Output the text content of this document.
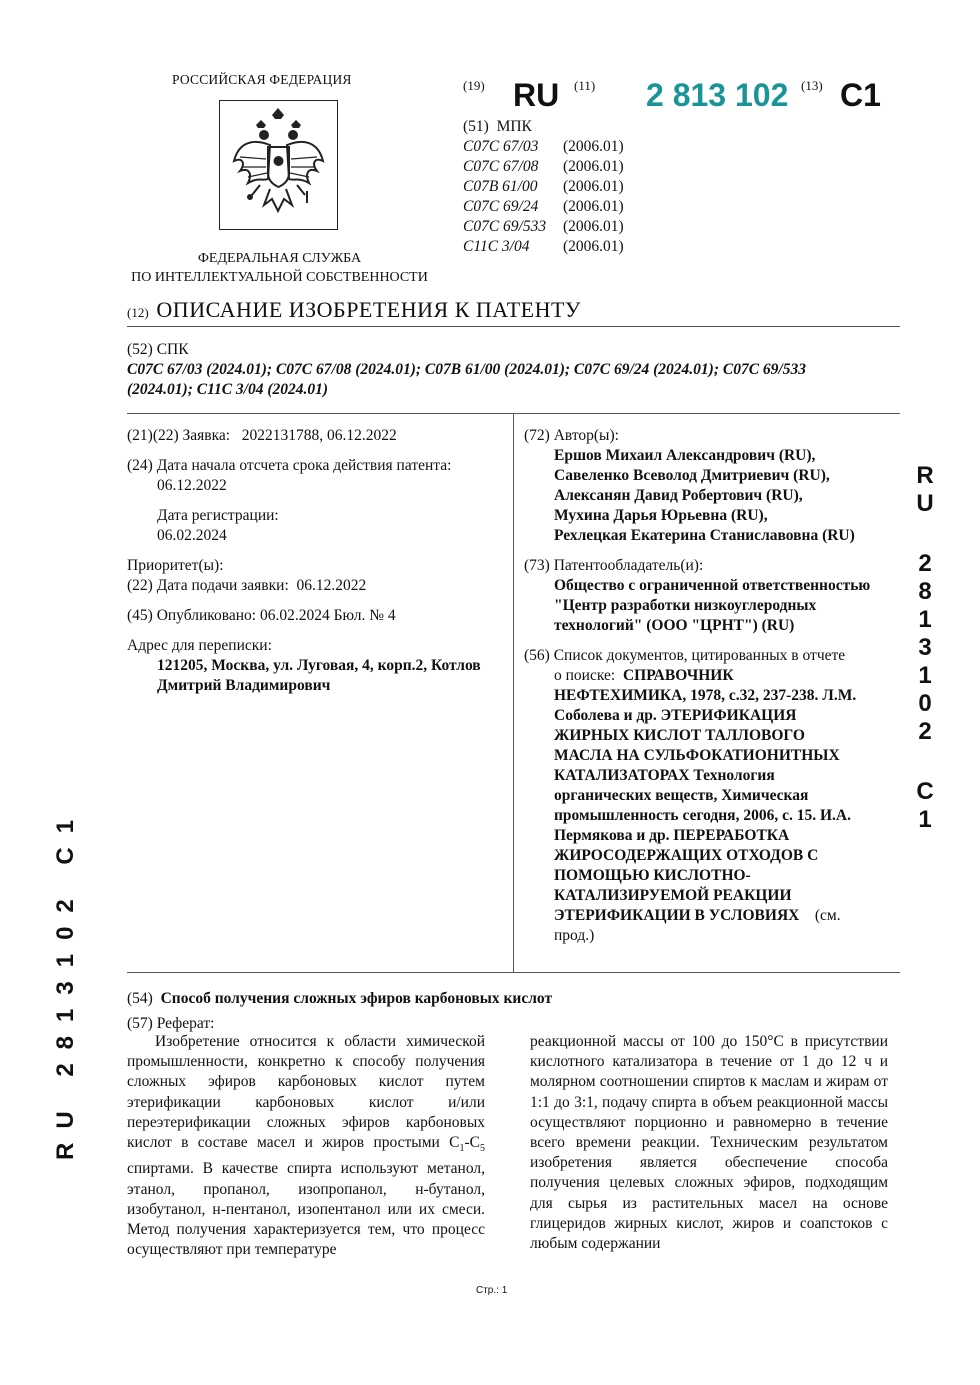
РОССИЙСКАЯ ФЕДЕРАЦИЯ
ФЕДЕРАЛЬНАЯ СЛУЖБА
ПО ИНТЕЛЛЕКТУАЛЬНОЙ СОБСТВЕННОСТИ
(19) RU (11) 2 813 102 (13) C1
(51) МПК
C07C 67/03 (2006.01)
C07C 67/08 (2006.01)
C07B 61/00 (2006.01)
C07C 69/24 (2006.01)
C07C 69/533 (2006.01)
C11C 3/04 (2006.01)
(12) ОПИСАНИЕ ИЗОБРЕТЕНИЯ К ПАТЕНТУ
(52) СПК
C07C 67/03 (2024.01); C07C 67/08 (2024.01); C07B 61/00 (2024.01); C07C 69/24 (2024.01); C07C 69/533
(2024.01); C11C 3/04 (2024.01)
(21)(22) Заявка: 2022131788, 06.12.2022
(24) Дата начала отсчета срока действия патента:
06.12.2022
Дата регистрации:
06.02.2024
Приоритет(ы):
(22) Дата подачи заявки: 06.12.2022
(45) Опубликовано: 06.02.2024 Бюл. № 4
Адрес для переписки:
121205, Москва, ул. Луговая, 4, корп.2, Котлов
Дмитрий Владимирович
(72) Автор(ы):
Ершов Михаил Александрович (RU),
Савеленко Всеволод Дмитриевич (RU),
Алексанян Давид Робертович (RU),
Мухина Дарья Юрьевна (RU),
Рехлецкая Екатерина Станиславовна (RU)
(73) Патентообладатель(и):
Общество с ограниченной ответственностью
"Центр разработки низкоуглеродных
технологий" (ООО "ЦРНТ") (RU)
(56) Список документов, цитированных в отчете
о поиске: СПРАВОЧНИК
НЕФТЕХИМИКА, 1978, с.32, 237-238. Л.М.
Соболева и др. ЭТЕРИФИКАЦИЯ
ЖИРНЫХ КИСЛОТ ТАЛЛОВОГО
МАСЛА НА СУЛЬФОКАТИОНИТНЫХ
КАТАЛИЗАТОРАХ Технология
органических веществ, Химическая
промышленность сегодня, 2006, с. 15. И.А.
Пермякова и др. ПЕРЕРАБОТКА
ЖИРОСОДЕРЖАЩИХ ОТХОДОВ С
ПОМОЩЬЮ КИСЛОТНО-
КАТАЛИЗИРУЕМОЙ РЕАКЦИИ
ЭТЕРИФИКАЦИИ В УСЛОВИЯХ (см.
прод.)
R
U
2
8
1
3
1
0
2
C
1
RU 2813102 C1	(54) Способ получения сложных эфиров карбоновых кислот
(57) Реферат:
Изобретение относится к области химической промышленности, конкретно к способу получения сложных эфиров карбоновых кислот путем этерификации карбоновых кислот и/или переэтерификации сложных эфиров карбоновых кислот в составе масел и жиров простыми $C_1-C_5$ спиртами. В качестве спирта используют метанол, этанол, пропанол, изопропанол, н-бутанол, изобутанол, н-пентанол, изопентанол или их смеси. Метод получения характеризуется тем, что процесс осуществляют при температуре
реакционной массы от 100 до 150°C в присутствии кислотного катализатора в течение от 1 до 12 ч и молярном соотношении спиртов к маслам и жирам от 1:1 до 3:1, подачу спирта в объем реакционной массы осуществляют порционно и равномерно в течение всего времени реакции. Техническим результатом изобретения является обеспечение способа получения целевых сложных эфиров, подходящим для сырья из растительных масел на основе глицеридов жирных кислот, жиров и соапстоков с любым содержании
Стр.: 1
